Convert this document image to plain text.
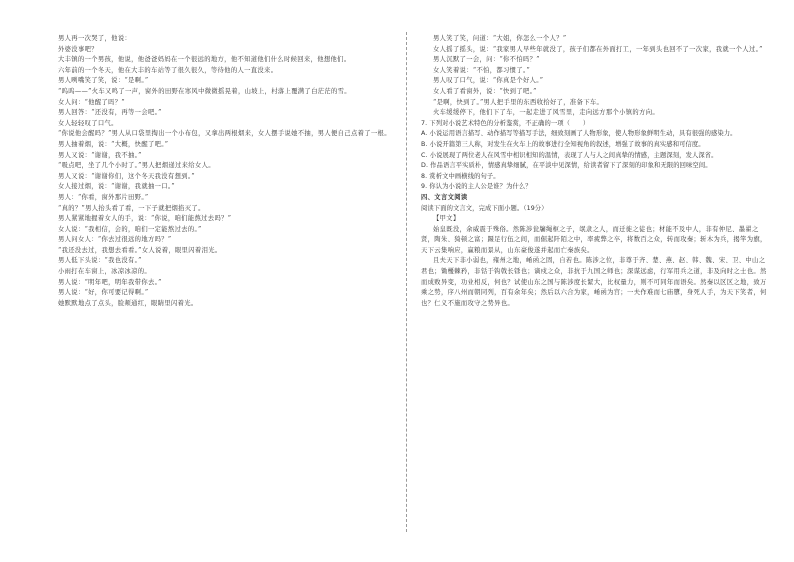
男人再一次哭了，他说：

外婆没事吧？

大丰镇的一个男孩，他说，他爸爸妈妈在一个很远的地方，他不知道他们什么时候回来，他想他们。

六年前的一个冬天，他在大丰的车站等了很久很久，等待他的人一直没来。

男人咧嘴笑了笑，说：“是啊。”

“呜呜——”火车又鸣了一声，窗外的田野在寒风中微微摇晃着，山坡上，村落上覆满了白茫茫的雪。

女人问：“他醒了吗？”

男人回答：“还没有，再等一会吧。”

女人轻轻叹了口气。

“你说他会醒吗？”男人从口袋里掏出一个小布包，又拿出两根烟来，女人摆手说她不抽，男人便自己点着了一根。

男人抽着烟，说：“大概，快醒了吧。”

男人又说：“谢谢，我不抽。”

“吸点吧，坐了几个小时了。”男人把烟递过来给女人。

男人又说：“谢谢你们，这个冬天我没有想到。”

女人接过烟，说：“谢谢，我就抽一口。”

男人：“你看，窗外那片田野。”

“真的？”男人抬头看了看，一下子就把烟掐灭了。

男人紧紧地握着女人的手，说：“你说，咱们能熬过去吗？”

女人说：“我相信，会的，咱们一定能熬过去的。”

男人问女人：“你去过很远的地方吗？”

“我还没去过，我想去看看。”女人说着，眼里闪着泪光。

男人低下头说：“我也没有。”

小雨打在车窗上，冰凉冰凉的。

男人说：“明年吧，明年我带你去。”

男人说：“好，你可要记得啊。”

她默默地点了点头，脸颊通红，眼睛里闪着光。

男人笑了笑，问道：“大姐，你怎么一个人？”

女人摇了摇头，说：“我家男人早些年就没了，孩子们都在外面打工，一年到头也回不了一次家，我就一个人过。”

男人沉默了一会，问：“你不怕吗？”

女人笑着说：“不怕，都习惯了。”

男人叹了口气，说：“你真是个好人。”

女人看了看窗外，说：“快到了吧。”

“是啊，快到了。”男人把手里的东西收拾好了，准备下车。

火车缓缓停下，他们下了车，一起走进了风雪里，走向远方那个小镇的方向。

7. 下列对小说艺术特色的分析鉴赏，不正确的一项（　　）

A. 小说运用语言描写、动作描写等描写手法，细致刻画了人物形象，使人物形象鲜明生动，具有很强的感染力。

B. 小说开篇第三人称，对发生在火车上的故事进行全知视角的叙述，增强了故事的真实感和可信度。

C. 小说展现了两位老人在风雪中相识相知的温情，表现了人与人之间真挚的情感，主题深刻，发人深省。

D. 作品语言平实质朴，情感真挚细腻，在平淡中见深情，给读者留下了深刻的印象和无限的回味空间。

8. 赏析文中画横线的句子。

9. 你认为小说的主人公是谁？为什么？

四、文言文阅读

阅读下面的文言文，完成下面小题。（19分）

【甲文】

始皇既没，余威震于殊俗。然陈涉瓮牖绳枢之子，氓隶之人，而迁徙之徒也；材能不及中人，非有仲尼、墨翟之贤，陶朱、猗顿之富；蹑足行伍之间，而倔起阡陌之中，率疲弊之卒，将数百之众，转而攻秦；斩木为兵，揭竿为旗，天下云集响应，赢粮而景从，山东豪俊遂并起而亡秦族矣。

且夫天下非小弱也，雍州之地，崤函之固，自若也。陈涉之位，非尊于齐、楚、燕、赵、韩、魏、宋、卫、中山之君也；锄櫌棘矜，非铦于钩戟长铩也；谪戍之众，非抗于九国之师也；深谋远虑，行军用兵之道，非及向时之士也。然而成败异变，功业相反，何也？试使山东之国与陈涉度长絜大，比权量力，则不可同年而语矣。然秦以区区之地，致万乘之势，序八州而朝同列，百有余年矣；然后以六合为家，崤函为宫；一夫作难而七庙隳，身死人手，为天下笑者，何也？仁义不施而攻守之势异也。
